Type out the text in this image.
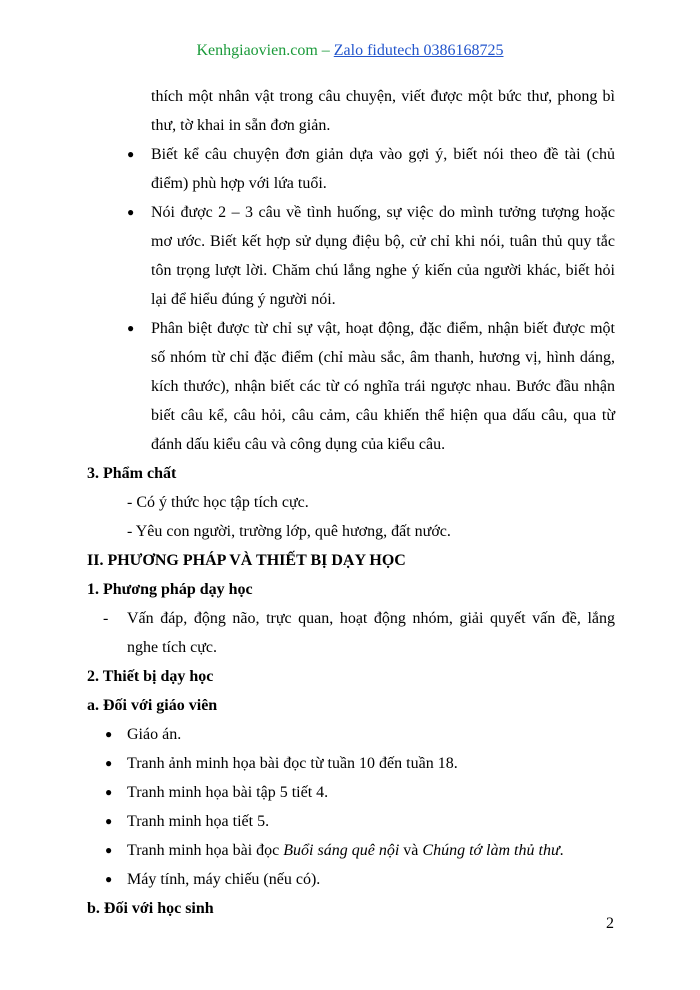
Kenhgiaovien.com – Zalo fidutech 0386168725

thích một nhân vật trong câu chuyện, viết được một bức thư, phong bì thư, tờ khai in sẵn đơn giản.

● Biết kể câu chuyện đơn giản dựa vào gợi ý, biết nói theo đề tài (chủ điểm) phù hợp với lứa tuổi.
● Nói được 2 – 3 câu về tình huống, sự việc do mình tưởng tượng hoặc mơ ước. Biết kết hợp sử dụng điệu bộ, cử chỉ khi nói, tuân thủ quy tắc tôn trọng lượt lời. Chăm chú lắng nghe ý kiến của người khác, biết hỏi lại để hiểu đúng ý người nói.
● Phân biệt được từ chỉ sự vật, hoạt động, đặc điểm, nhận biết được một số nhóm từ chỉ đặc điểm (chỉ màu sắc, âm thanh, hương vị, hình dáng, kích thước), nhận biết các từ có nghĩa trái ngược nhau. Bước đầu nhận biết câu kể, câu hỏi, câu cảm, câu khiến thể hiện qua dấu câu, qua từ đánh dấu kiểu câu và công dụng của kiểu câu.

3. Phẩm chất

- Có ý thức học tập tích cực.

- Yêu con người, trường lớp, quê hương, đất nước.

II. PHƯƠNG PHÁP VÀ THIẾT BỊ DẠY HỌC

1. Phương pháp dạy học

- Vấn đáp, động não, trực quan, hoạt động nhóm, giải quyết vấn đề, lắng nghe tích cực.

2. Thiết bị dạy học

a. Đối với giáo viên

● Giáo án.
● Tranh ảnh minh họa bài đọc từ tuần 10 đến tuần 18.
● Tranh minh họa bài tập 5 tiết 4.
● Tranh minh họa tiết 5.
● Tranh minh họa bài đọc Buổi sáng quê nội và Chúng tớ làm thủ thư.
● Máy tính, máy chiếu (nếu có).

b. Đối với học sinh

2
